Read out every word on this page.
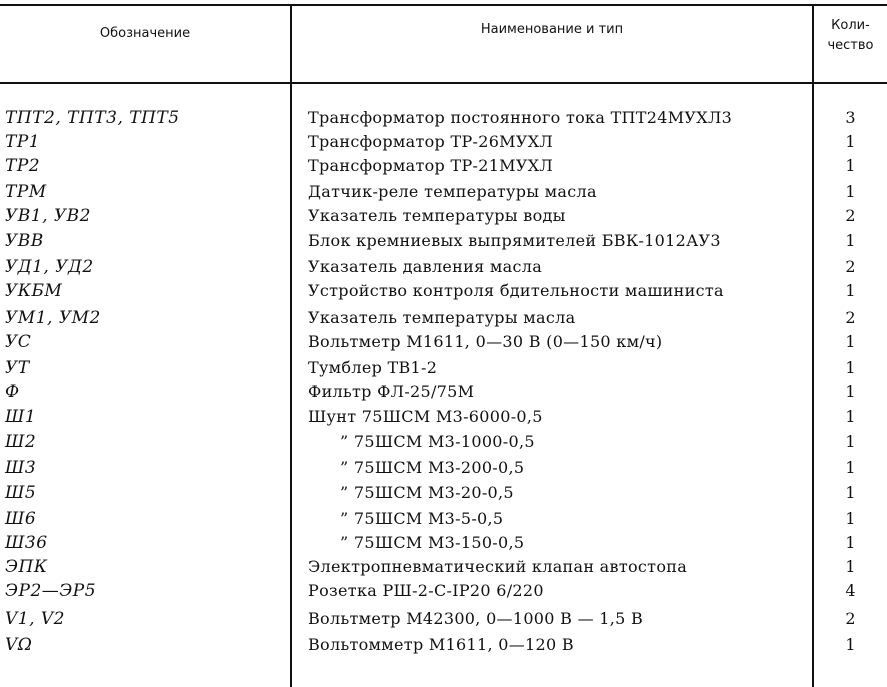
Обозначение	Наименование и тип	Коли-
чество
ТПТ2, ТПТ3, ТПТ5	Трансформатор постоянного тока ТПТ24МУХЛ3	3
ТР1	Трансформатор ТР-26МУХЛ	1
ТР2	Трансформатор ТР-21МУХЛ	1
ТРМ	Датчик-реле температуры масла	1
УВ1, УВ2	Указатель температуры воды	2
УВВ	Блок кремниевых выпрямителей БВК-1012АУ3	1
УД1, УД2	Указатель давления масла	2
УКБМ	Устройство контроля бдительности машиниста	1
УМ1, УМ2	Указатель температуры масла	2
УС	Вольтметр М1611, 0—30 В (0—150 км/ч)	1
УТ	Тумблер ТВ1-2	1
Ф	Фильтр ФЛ-25/75М	1
Ш1	Шунт 75ШСМ М3-6000-0,5	1
Ш2	” 75ШСМ М3-1000-0,5	1
Ш3	” 75ШСМ М3-200-0,5	1
Ш5	” 75ШСМ М3-20-0,5	1
Ш6	” 75ШСМ М3-5-0,5	1
Ш36	” 75ШСМ М3-150-0,5	1
ЭПК	Электропневматический клапан автостопа	1
ЭР2—ЭР5	Розетка РШ-2-С-IP20 6/220	4
V1, V2	Вольтметр М42300, 0—1000 В — 1,5 В	2
VΩ	Вольтомметр М1611, 0—120 В	1
